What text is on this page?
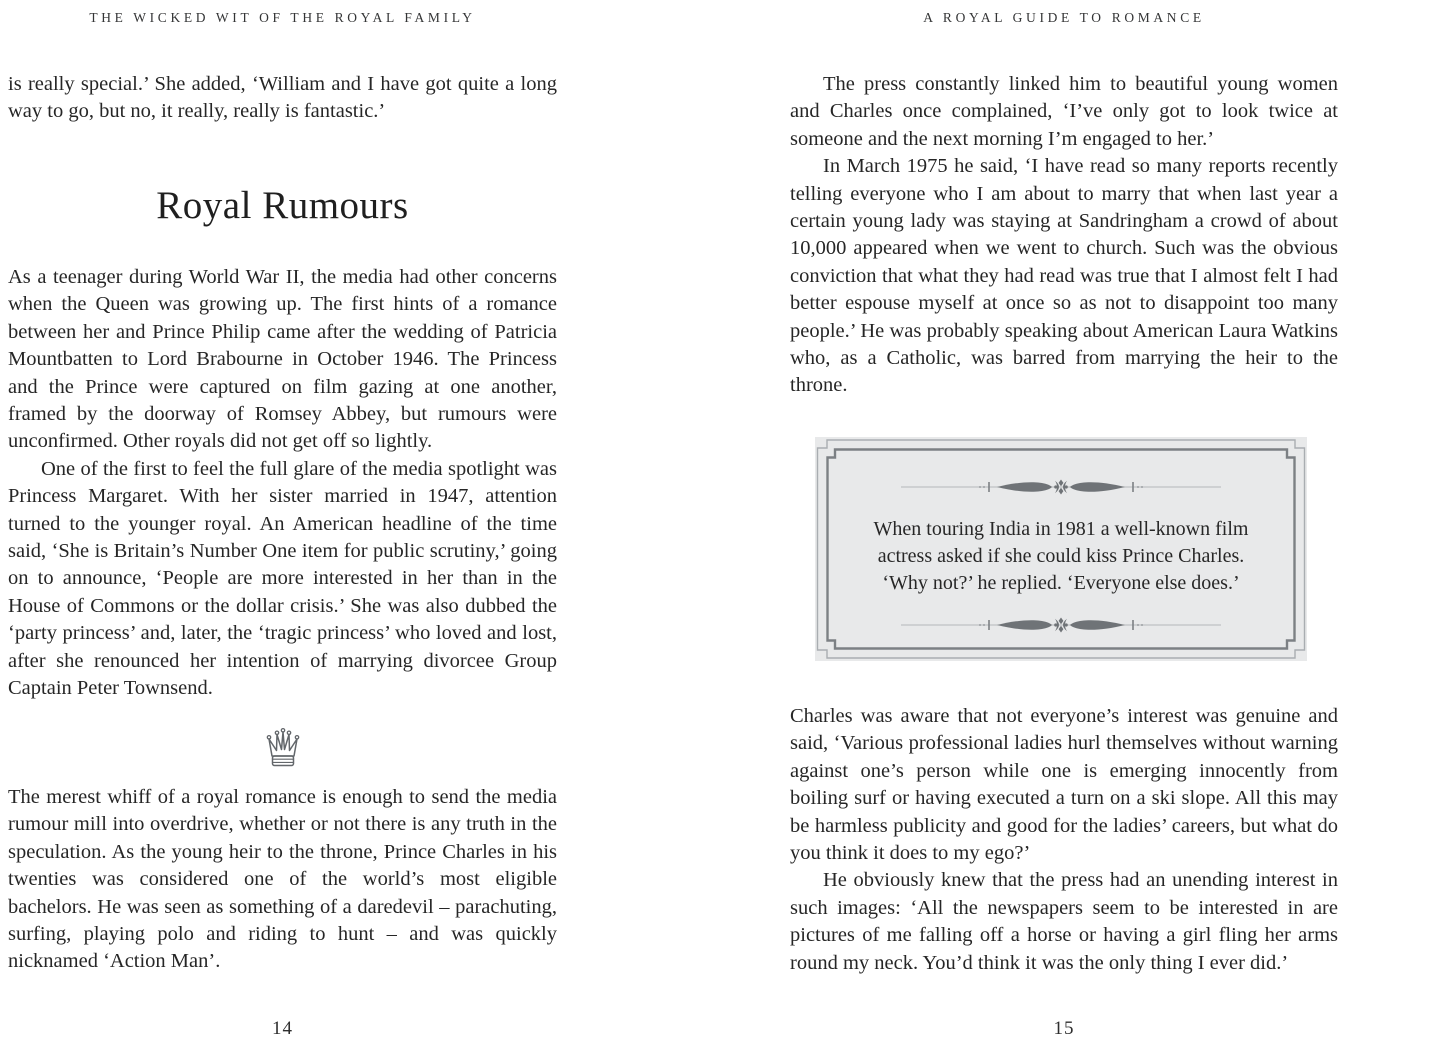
THE WICKED WIT OF THE ROYAL FAMILY

is really special.’ She added, ‘William and I have got quite a long way to go, but no, it really, really is fantastic.’

Royal Rumours

As a teenager during World War II, the media had other concerns when the Queen was growing up. The first hints of a romance between her and Prince Philip came after the wedding of Patricia Mountbatten to Lord Brabourne in October 1946. The Princess and the Prince were captured on film gazing at one another, framed by the doorway of Romsey Abbey, but rumours were unconfirmed. Other royals did not get off so lightly.

One of the first to feel the full glare of the media spotlight was Princess Margaret. With her sister married in 1947, attention turned to the younger royal. An American headline of the time said, ‘She is Britain’s Number One item for public scrutiny,’ going on to announce, ‘People are more interested in her than in the House of Commons or the dollar crisis.’ She was also dubbed the ‘party princess’ and, later, the ‘tragic princess’ who loved and lost, after she renounced her intention of marrying divorcee Group Captain Peter Townsend.

The merest whiff of a royal romance is enough to send the media rumour mill into overdrive, whether or not there is any truth in the speculation. As the young heir to the throne, Prince Charles in his twenties was considered one of the world’s most eligible bachelors. He was seen as something of a daredevil – parachuting, surfing, playing polo and riding to hunt – and was quickly nicknamed ‘Action Man’.

14
A ROYAL GUIDE TO ROMANCE

The press constantly linked him to beautiful young women and Charles once complained, ‘I’ve only got to look twice at someone and the next morning I’m engaged to her.’

In March 1975 he said, ‘I have read so many reports recently telling everyone who I am about to marry that when last year a certain young lady was staying at Sandringham a crowd of about 10,000 appeared when we went to church. Such was the obvious conviction that what they had read was true that I almost felt I had better espouse myself at once so as not to disappoint too many people.’ He was probably speaking about American Laura Watkins who, as a Catholic, was barred from marrying the heir to the throne.

When touring India in 1981 a well-known film
actress asked if she could kiss Prince Charles.
‘Why not?’ he replied. ‘Everyone else does.’

Charles was aware that not everyone’s interest was genuine and said, ‘Various professional ladies hurl themselves without warning against one’s person while one is emerging innocently from boiling surf or having executed a turn on a ski slope. All this may be harmless publicity and good for the ladies’ careers, but what do you think it does to my ego?’

He obviously knew that the press had an unending interest in such images: ‘All the newspapers seem to be interested in are pictures of me falling off a horse or having a girl fling her arms round my neck. You’d think it was the only thing I ever did.’

15
